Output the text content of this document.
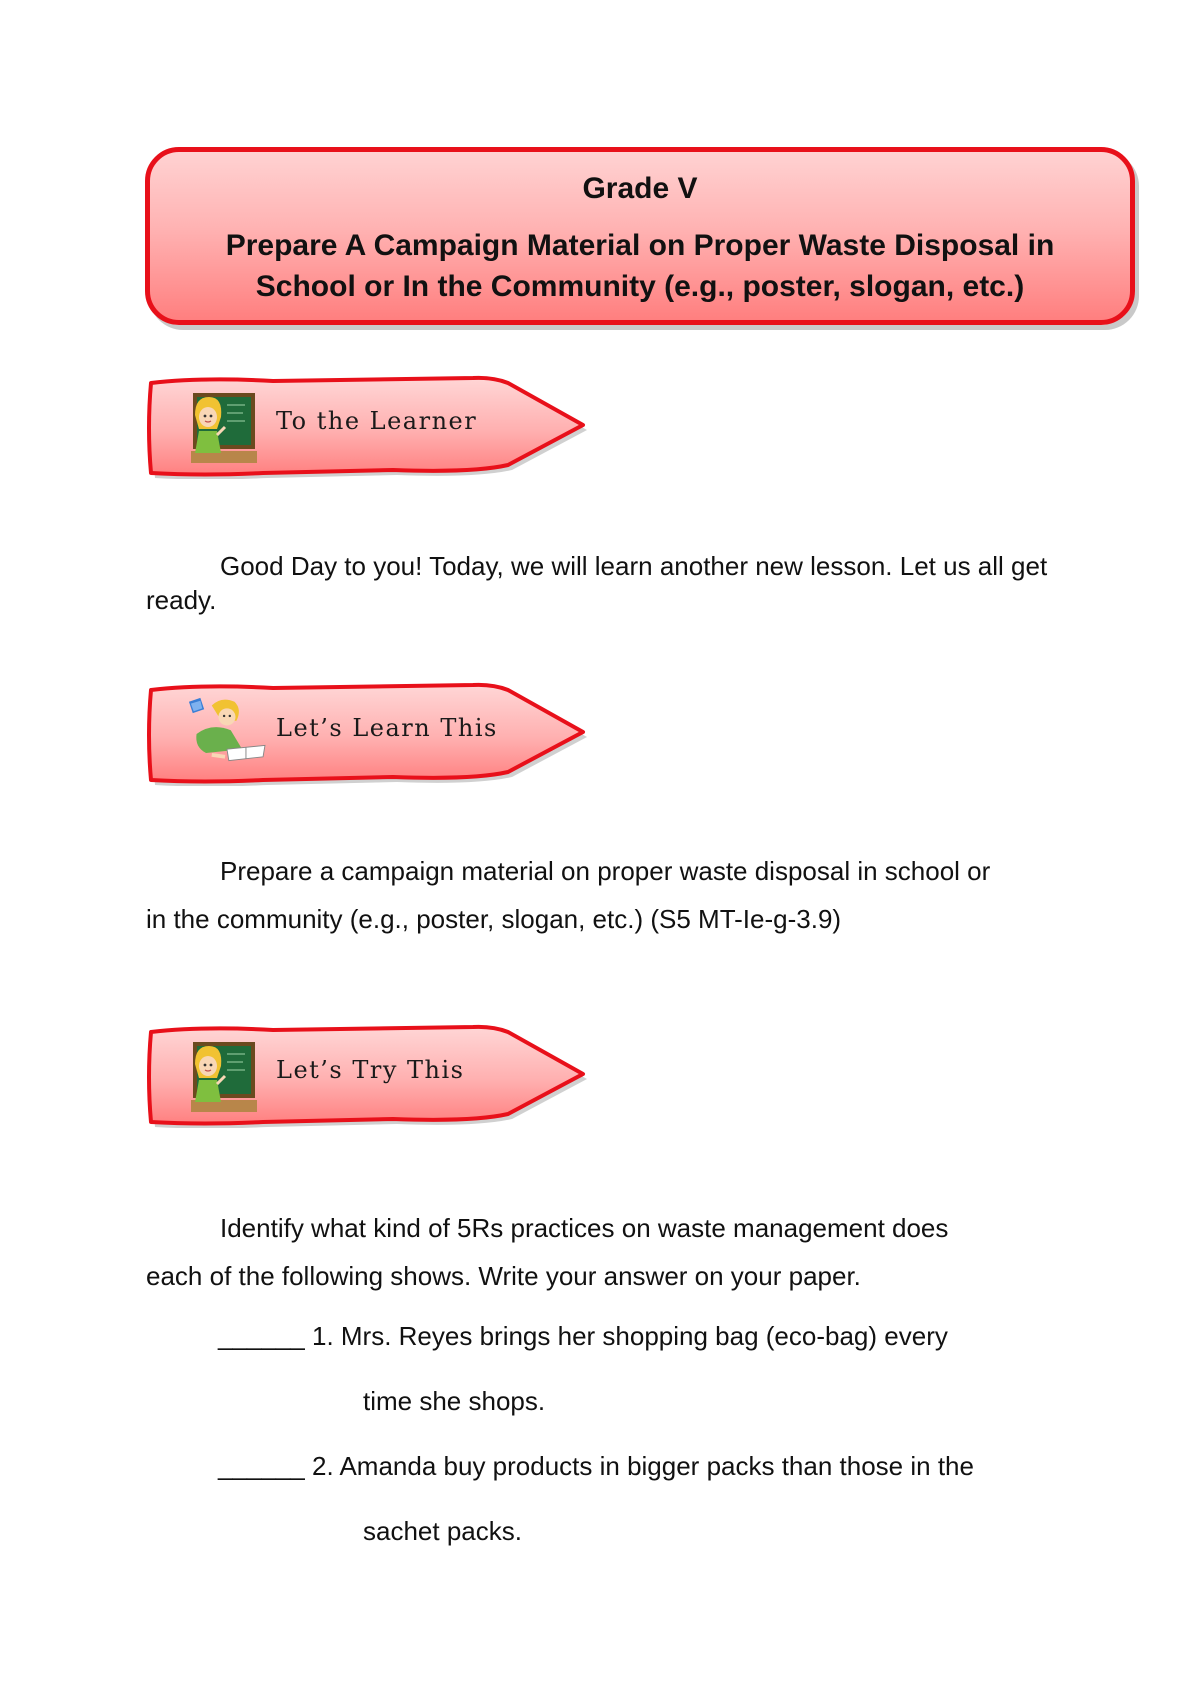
Grade V
Prepare A Campaign Material on Proper Waste Disposal in
School or In the Community (e.g., poster, slogan, etc.)
To the Learner
Good Day to you! Today, we will learn another new lesson. Let us all get ready.
Let’s Learn This
Prepare a campaign material on proper waste disposal in school or
in the community (e.g., poster, slogan, etc.) (S5 MT-Ie-g-3.9)
Let’s Try This
Identify what kind of 5Rs practices on waste management does
each of the following shows. Write your answer on your paper.
______ 1. Mrs. Reyes brings her shopping bag (eco-bag) every
time she shops.
______ 2. Amanda buy products in bigger packs than those in the
sachet packs.
